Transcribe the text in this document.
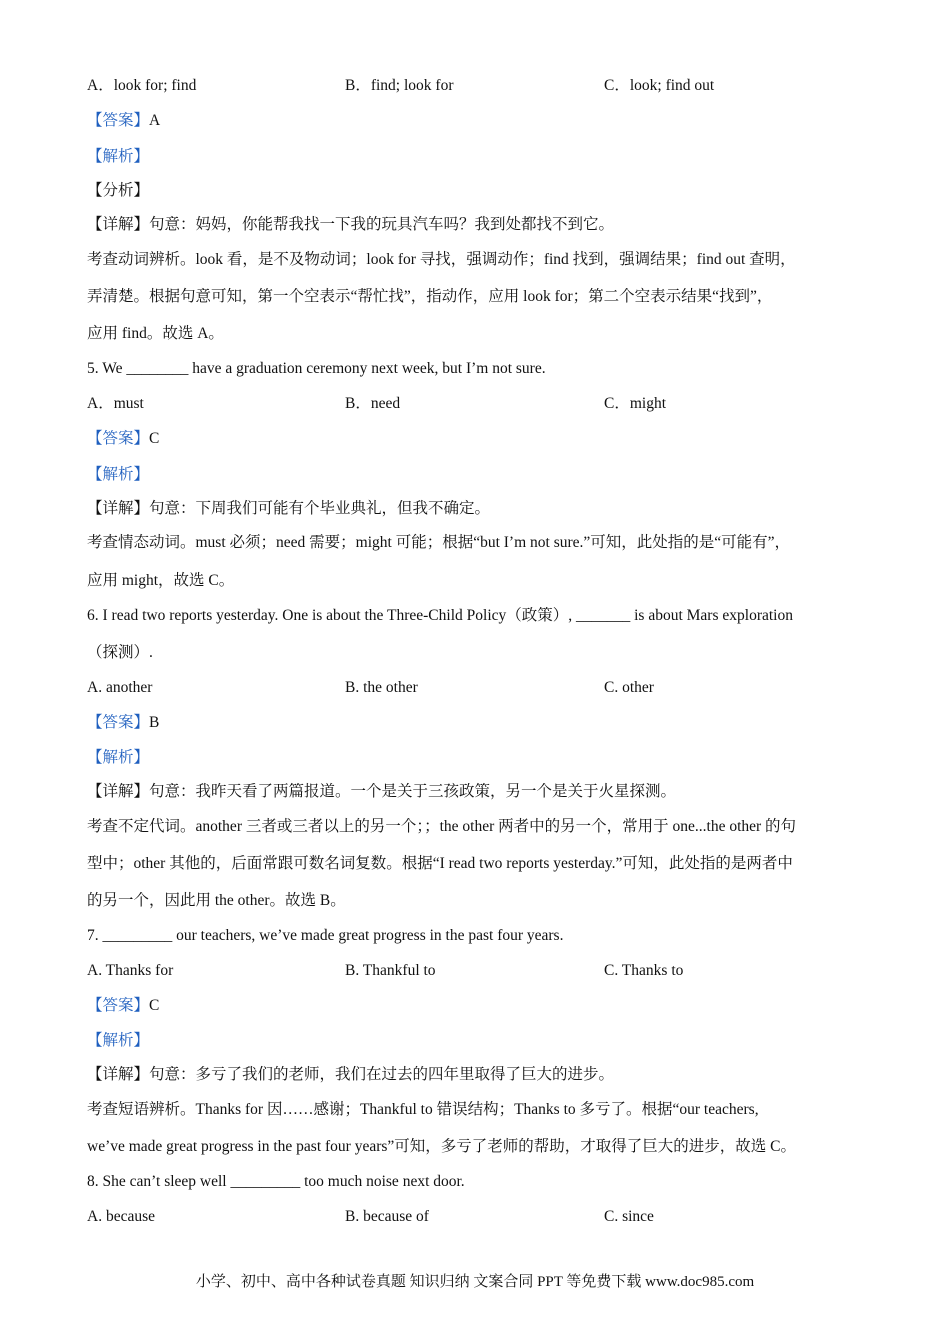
A．look for; find	B．find; look for	C．look; find out
【答案】A
【解析】
【分析】
【详解】句意：妈妈，你能帮我找一下我的玩具汽车吗？我到处都找不到它。
考查动词辨析。look 看，是不及物动词；look for 寻找，强调动作；find 找到，强调结果；find out 查明，
弄清楚。根据句意可知，第一个空表示“帮忙找”，指动作，应用 look for；第二个空表示结果“找到”，
应用 find。故选 A。
5. We ________ have a graduation ceremony next week, but I’m not sure.
A．must	B．need	C．might
【答案】C
【解析】
【详解】句意：下周我们可能有个毕业典礼，但我不确定。
考查情态动词。must 必须；need 需要；might 可能；根据“but I’m not sure.”可知，此处指的是“可能有”，
应用 might，故选 C。
6. I read two reports yesterday. One is about the Three-Child Policy（政策）, _______ is about Mars exploration
（探测）.
A. another	B. the other	C. other
【答案】B
【解析】
【详解】句意：我昨天看了两篇报道。一个是关于三孩政策，另一个是关于火星探测。
考查不定代词。another 三者或三者以上的另一个；；the other 两者中的另一个，常用于 one...the other 的句
型中；other 其他的，后面常跟可数名词复数。根据“I read two reports yesterday.”可知，此处指的是两者中
的另一个，因此用 the other。故选 B。
7. _________ our teachers, we’ve made great progress in the past four years.
A. Thanks for	B. Thankful to	C. Thanks to
【答案】C
【解析】
【详解】句意：多亏了我们的老师，我们在过去的四年里取得了巨大的进步。
考查短语辨析。Thanks for 因……感谢；Thankful to 错误结构；Thanks to 多亏了。根据“our teachers,
we’ve made great progress in the past four years”可知，多亏了老师的帮助，才取得了巨大的进步，故选 C。
8. She can’t sleep well _________ too much noise next door.
A. because	B. because of	C. since
小学、初中、高中各种试卷真题 知识归纳 文案合同 PPT 等免费下载 www.doc985.com
